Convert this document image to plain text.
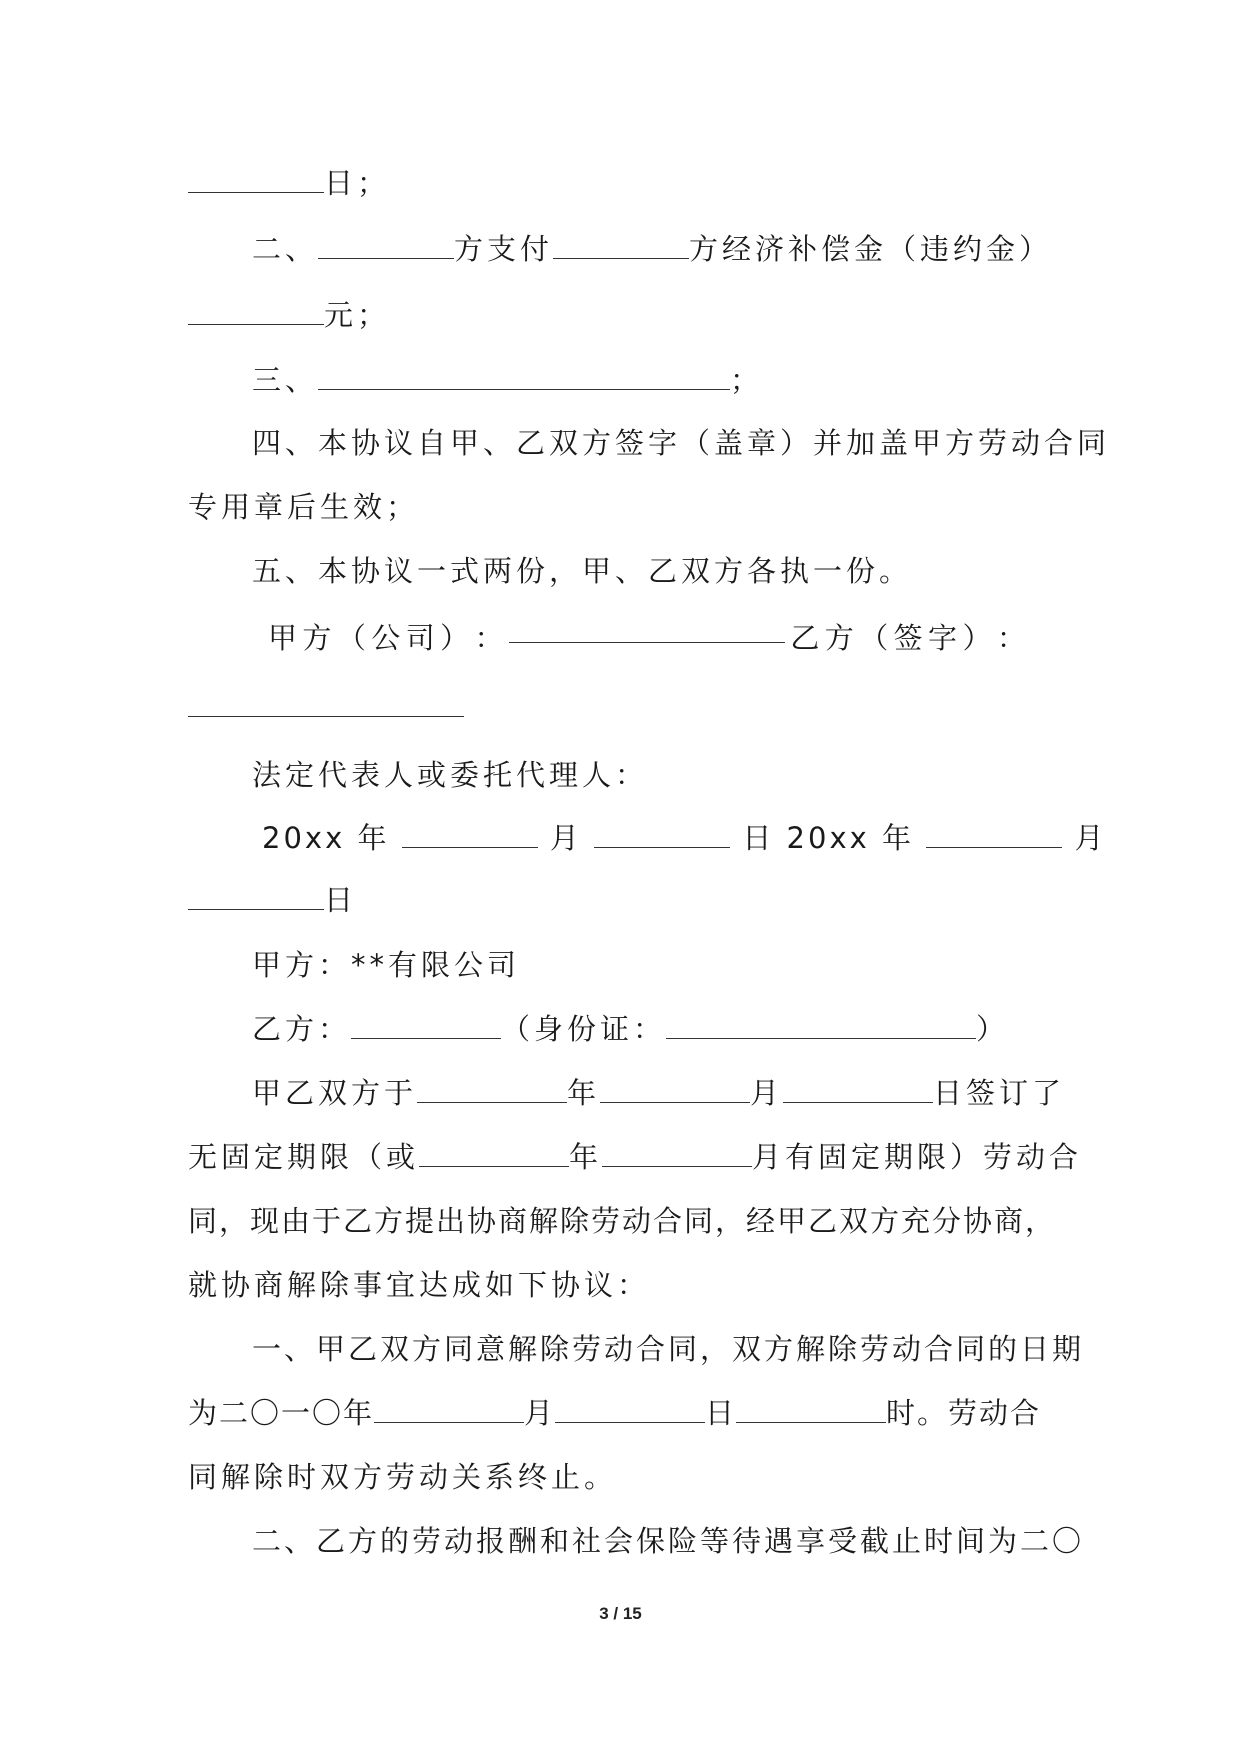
日；
二、	方支付	方经济补偿金（违约金）
元；
三、	；
四、本协议自甲、乙双方签字（盖章）并加盖甲方劳动合同
专用章后生效；
五、本协议一式两份，甲、乙双方各执一份。
甲 方 （ 公 司 ） ：	乙 方 （ 签 字 ） ：
法定代表人或委托代理人：
20xx 年	月	日 20xx 年	月
日
甲方：**有限公司
乙方：	（身份证：	）
甲乙双方于	年	月	日签订了
无固定期限（或	年	月有固定期限）劳动合
同，现由于乙方提出协商解除劳动合同，经甲乙双方充分协商，
就协商解除事宜达成如下协议：
一、甲乙双方同意解除劳动合同，双方解除劳动合同的日期
为二〇一〇年	月	日	时。劳动合
同解除时双方劳动关系终止。
二、乙方的劳动报酬和社会保险等待遇享受截止时间为二〇
3 / 15
